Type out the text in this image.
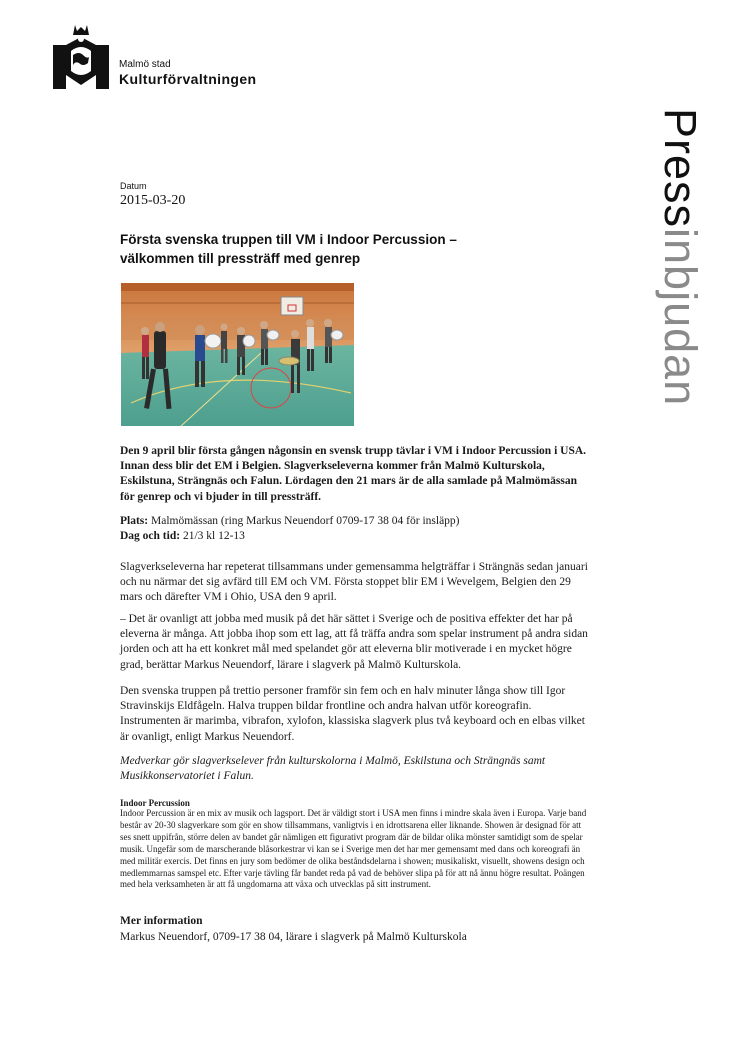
Malmö stad
Kulturförvaltningen
Pressinbjudan
Datum
2015-03-20
Första svenska truppen till VM i Indoor Percussion –
välkommen till pressträff med genrep
Den 9 april blir första gången någonsin en svensk trupp tävlar i VM i Indoor Percussion i USA. Innan dess blir det EM i Belgien. Slagverkseleverna kommer från Malmö Kulturskola, Eskilstuna, Strängnäs och Falun. Lördagen den 21 mars är de alla samlade på Malmömässan för genrep och vi bjuder in till pressträff.
Plats: Malmömässan (ring Markus Neuendorf 0709-17 38 04 för insläpp)
Dag och tid: 21/3 kl 12-13
Slagverkseleverna har repeterat tillsammans under gemensamma helgträffar i Strängnäs sedan januari och nu närmar det sig avfärd till EM och VM. Första stoppet blir EM i Wevelgem, Belgien den 29 mars och därefter VM i Ohio, USA den 9 april.
– Det är ovanligt att jobba med musik på det här sättet i Sverige och de positiva effekter det har på eleverna är många. Att jobba ihop som ett lag, att få träffa andra som spelar instrument på andra sidan jorden och att ha ett konkret mål med spelandet gör att eleverna blir motiverade i en mycket högre grad, berättar Markus Neuendorf, lärare i slagverk på Malmö Kulturskola.
Den svenska truppen på trettio personer framför sin fem och en halv minuter långa show till Igor Stravinskijs Eldfågeln. Halva truppen bildar frontline och andra halvan utför koreografin. Instrumenten är marimba, vibrafon, xylofon, klassiska slagverk plus två keyboard och en elbas vilket är ovanligt, enligt Markus Neuendorf.
Medverkar gör slagverkselever från kulturskolorna i Malmö, Eskilstuna och Strängnäs samt Musikkonservatoriet i Falun.
Indoor Percussion
Indoor Percussion är en mix av musik och lagsport. Det är väldigt stort i USA men finns i mindre skala även i Europa. Varje band består av 20-30 slagverkare som gör en show tillsammans, vanligtvis i en idrottsarena eller liknande. Showen är designad för att ses snett uppifrån, större delen av bandet går nämligen ett figurativt program där de bildar olika mönster samtidigt som de spelar musik. Ungefär som de marscherande blåsorkestrar vi kan se i Sverige men det har mer gemensamt med dans och koreografi än med militär exercis. Det finns en jury som bedömer de olika beståndsdelarna i showen; musikaliskt, visuellt, showens design och medlemmarnas samspel etc. Efter varje tävling får bandet reda på vad de behöver slipa på för att nå ännu högre resultat. Poängen med hela verksamheten är att få ungdomarna att växa och utvecklas på sitt instrument.
Mer information
Markus Neuendorf, 0709-17 38 04, lärare i slagverk på Malmö Kulturskola
